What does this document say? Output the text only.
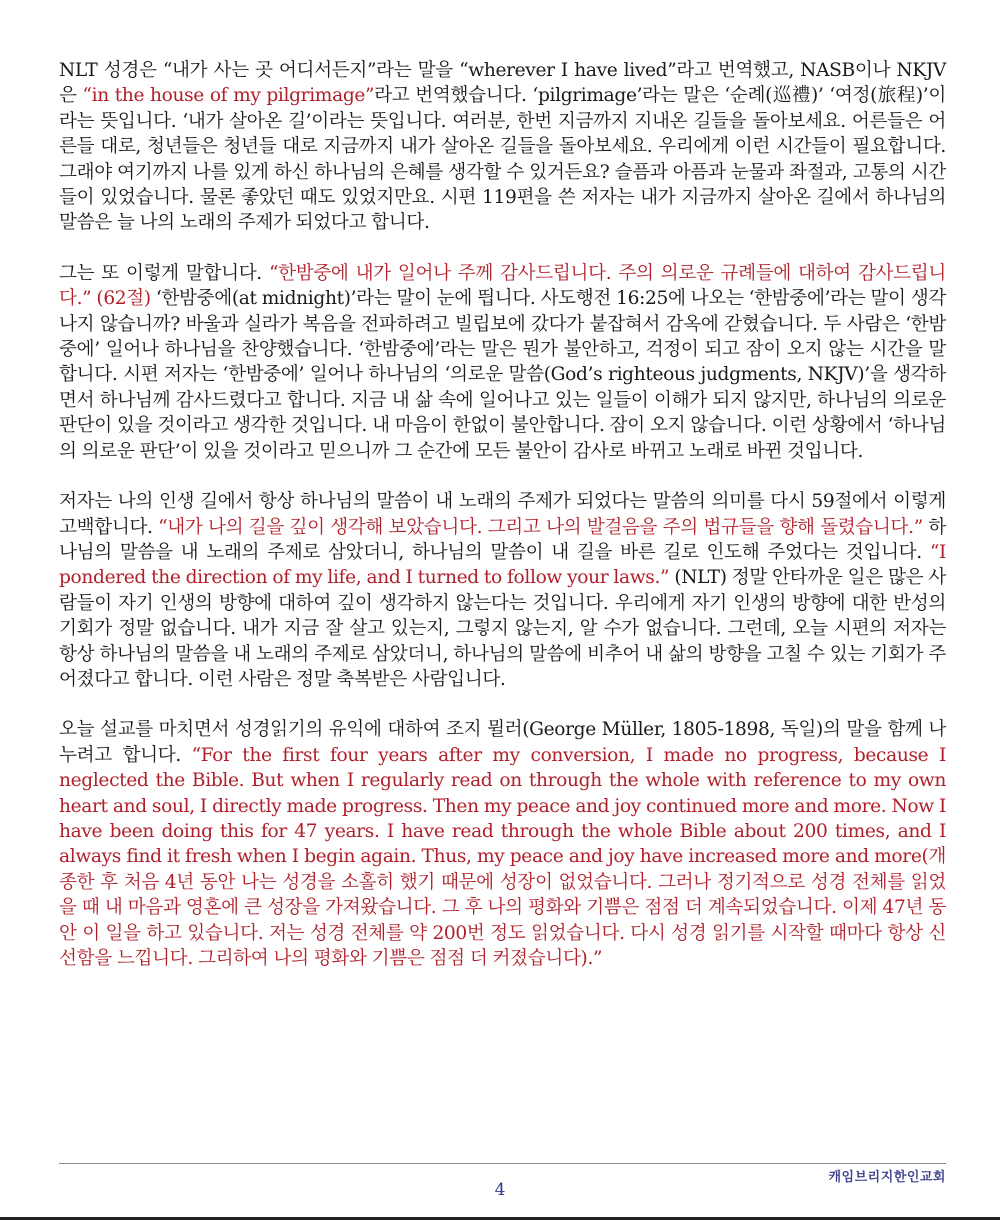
NLT 성경은 “내가 사는 곳 어디서든지”라는 말을 “wherever I have lived”라고 번역했고, NASB이나 NKJV은 “in the house of my pilgrimage”라고 번역했습니다. ‘pilgrimage’라는 말은 ‘순례(巡禮)’ ‘여정(旅程)’이라는 뜻입니다. ‘내가 살아온 길’이라는 뜻입니다. 여러분, 한번 지금까지 지내온 길들을 돌아보세요. 어른들은 어른들 대로, 청년들은 청년들 대로 지금까지 내가 살아온 길들을 돌아보세요. 우리에게 이런 시간들이 필요합니다. 그래야 여기까지 나를 있게 하신 하나님의 은혜를 생각할 수 있거든요? 슬픔과 아픔과 눈물과 좌절과, 고통의 시간들이 있었습니다. 물론 좋았던 때도 있었지만요. 시편 119편을 쓴 저자는 내가 지금까지 살아온 길에서 하나님의 말씀은 늘 나의 노래의 주제가 되었다고 합니다.

그는 또 이렇게 말합니다. “한밤중에 내가 일어나 주께 감사드립니다. 주의 의로운 규례들에 대하여 감사드립니다.” (62절) ‘한밤중에(at midnight)’라는 말이 눈에 띕니다. 사도행전 16:25에 나오는 ‘한밤중에’라는 말이 생각나지 않습니까? 바울과 실라가 복음을 전파하려고 빌립보에 갔다가 붙잡혀서 감옥에 갇혔습니다. 두 사람은 ‘한밤중에’ 일어나 하나님을 찬양했습니다. ‘한밤중에’라는 말은 뭔가 불안하고, 걱정이 되고 잠이 오지 않는 시간을 말합니다. 시편 저자는 ‘한밤중에’ 일어나 하나님의 ‘의로운 말씀(God’s righteous judgments, NKJV)’을 생각하면서 하나님께 감사드렸다고 합니다. 지금 내 삶 속에 일어나고 있는 일들이 이해가 되지 않지만, 하나님의 의로운 판단이 있을 것이라고 생각한 것입니다. 내 마음이 한없이 불안합니다. 잠이 오지 않습니다. 이런 상황에서 ‘하나님의 의로운 판단’이 있을 것이라고 믿으니까 그 순간에 모든 불안이 감사로 바뀌고 노래로 바뀐 것입니다.

저자는 나의 인생 길에서 항상 하나님의 말씀이 내 노래의 주제가 되었다는 말씀의 의미를 다시 59절에서 이렇게 고백합니다. “내가 나의 길을 깊이 생각해 보았습니다. 그리고 나의 발걸음을 주의 법규들을 향해 돌렸습니다.” 하나님의 말씀을 내 노래의 주제로 삼았더니, 하나님의 말씀이 내 길을 바른 길로 인도해 주었다는 것입니다. “I pondered the direction of my life, and I turned to follow your laws.” (NLT) 정말 안타까운 일은 많은 사람들이 자기 인생의 방향에 대하여 깊이 생각하지 않는다는 것입니다. 우리에게 자기 인생의 방향에 대한 반성의 기회가 정말 없습니다. 내가 지금 잘 살고 있는지, 그렇지 않는지, 알 수가 없습니다. 그런데, 오늘 시편의 저자는 항상 하나님의 말씀을 내 노래의 주제로 삼았더니, 하나님의 말씀에 비추어 내 삶의 방향을 고칠 수 있는 기회가 주어졌다고 합니다. 이런 사람은 정말 축복받은 사람입니다.

오늘 설교를 마치면서 성경읽기의 유익에 대하여 조지 뮐러(George Müller, 1805-1898, 독일)의 말을 함께 나누려고 합니다. “For the first four years after my conversion, I made no progress, because I neglected the Bible. But when I regularly read on through the whole with reference to my own heart and soul, I directly made progress. Then my peace and joy continued more and more. Now I have been doing this for 47 years. I have read through the whole Bible about 200 times, and I always find it fresh when I begin again. Thus, my peace and joy have increased more and more(개종한 후 처음 4년 동안 나는 성경을 소홀히 했기 때문에 성장이 없었습니다. 그러나 정기적으로 성경 전체를 읽었을 때 내 마음과 영혼에 큰 성장을 가져왔습니다. 그 후 나의 평화와 기쁨은 점점 더 계속되었습니다. 이제 47년 동안 이 일을 하고 있습니다. 저는 성경 전체를 약 200번 정도 읽었습니다. 다시 성경 읽기를 시작할 때마다 항상 신선함을 느낍니다. 그리하여 나의 평화와 기쁨은 점점 더 커졌습니다).”

캐임브리지한인교회
4
